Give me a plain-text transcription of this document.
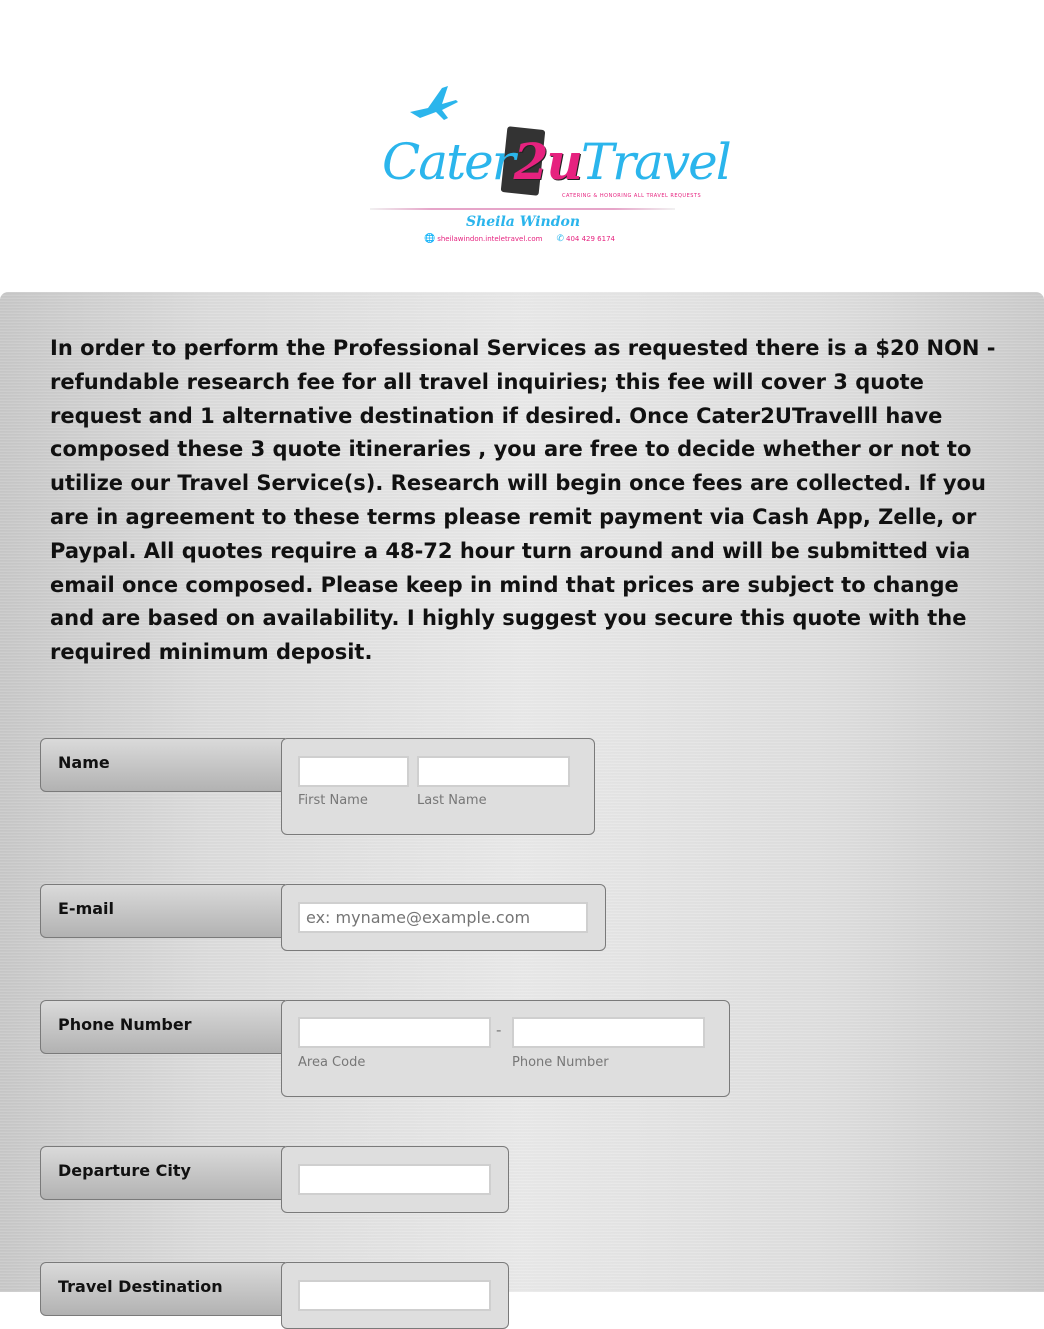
Cater2uTravel
CATERING & HONORING ALL TRAVEL REQUESTS
Sheila Windon
🌐 sheilawindon.inteletravel.com ✆ 404 429 6174

In order to perform the Professional Services as requested there is a $20 NON - refundable research fee for all travel inquiries; this fee will cover 3 quote request and 1 alternative destination if desired. Once Cater2UTravelll have composed these 3 quote itineraries , you are free to decide whether or not to utilize our Travel Service(s). Research will begin once fees are collected. If you are in agreement to these terms please remit payment via Cash App, Zelle, or Paypal. All quotes require a 48-72 hour turn around and will be submitted via email once composed. Please keep in mind that prices are subject to change and are based on availability. I highly suggest you secure this quote with the required minimum deposit.

Name
First Name	Last Name
E-mail
ex: myname@example.com
Phone Number	-
Area Code	Phone Number
Departure City
Travel Destination
